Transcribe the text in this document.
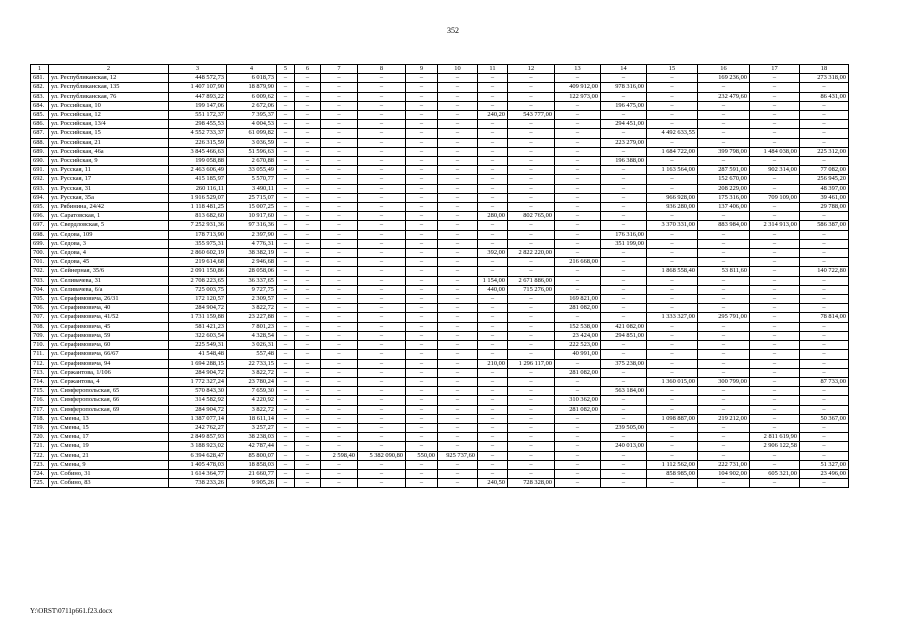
352
1	2	3	4	5	6	7	8	9	10	11	12	13	14	15	16	17	18
681.	ул. Республиканская, 12	448 572,73	6 018,73	–	–	–	–	–	–	–	–	–	–	–	169 236,00	–	273 318,00
682.	ул. Республиканская, 135	1 407 107,90	18 879,90	–	–	–	–	–	–	–	–	409 912,00	978 316,00	–	–	–	–
683.	ул. Республиканская, 76	447 893,22	6 009,62	–	–	–	–	–	–	–	–	122 973,00	–	–	232 479,60	–	86 431,00
684.	ул. Российская, 10	199 147,06	2 672,06	–	–	–	–	–	–	–	–	–	196 475,00	–	–	–	–
685.	ул. Российская, 12	551 172,37	7 395,37	–	–	–	–	–	–	240,20	543 777,00	–	–	–	–	–	–
686.	ул. Российская, 13/4	298 455,53	4 004,53	–	–	–	–	–	–	–	–	–	294 451,00	–	–	–	–
687.	ул. Российская, 15	4 552 733,37	61 099,82	–	–	–	–	–	–	–	–	–	–	4 492 633,55	–	–	–
688.	ул. Российская, 21	226 315,59	3 036,59	–	–	–	–	–	–	–	–	–	223 279,00	–	–	–	–
689.	ул. Российская, 46а	3 845 466,63	51 596,63	–	–	–	–	–	–	–	–	–	–	1 684 722,00	399 798,00	1 484 038,00	225 312,00
690.	ул. Российская, 9	199 058,88	2 670,88	–	–	–	–	–	–	–	–	–	196 388,00	–	–	–	–
691.	ул. Русская, 11	2 463 606,49	33 055,49	–	–	–	–	–	–	–	–	–	–	1 163 564,00	287 591,00	902 314,00	77 082,00
692.	ул. Русская, 17	415 185,97	5 570,77	–	–	–	–	–	–	–	–	–	–	–	152 670,00	–	256 945,20
693.	ул. Русская, 31	260 116,11	3 490,11	–	–	–	–	–	–	–	–	–	–	–	208 229,00	–	48 397,00
694.	ул. Русская, 35а	1 916 529,07	25 715,07	–	–	–	–	–	–	–	–	–	–	966 928,00	175 316,00	709 109,00	39 461,00
695.	ул. Рябинина, 24/42	1 118 481,25	15 007,25	–	–	–	–	–	–	–	–	–	–	936 280,00	137 406,00	–	29 788,00
696.	ул. Саратовская, 1	813 682,60	10 917,60	–	–	–	–	–	–	280,00	802 765,00	–	–	–	–	–	–
697.	ул. Свердловская, 5	7 252 931,36	97 316,36	–	–	–	–	–	–	–	–	–	–	3 370 331,00	883 984,00	2 314 913,00	586 387,00
698.	ул. Седова, 109	178 713,90	2 397,90	–	–	–	–	–	–	–	–	–	176 316,00	–	–	–	–
699.	ул. Седова, 3	355 975,31	4 776,31	–	–	–	–	–	–	–	–	–	351 199,00	–	–	–	–
700.	ул. Седова, 4	2 860 602,19	38 382,19	–	–	–	–	–	–	392,00	2 822 220,00	–	–	–	–	–	–
701.	ул. Седова, 45	219 614,68	2 946,68	–	–	–	–	–	–	–	–	216 668,00	–	–	–	–	–
702.	ул. Сейнерная, 35/6	2 091 150,86	28 058,06	–	–	–	–	–	–	–	–	–	–	1 868 558,40	53 811,60	–	140 722,80
703.	ул. Селивачева, 31	2 708 223,65	36 337,65	–	–	–	–	–	–	1 154,00	2 671 886,00	–	–	–	–	–	–
704.	ул. Селивачева, 6/а	725 003,75	9 727,75	–	–	–	–	–	–	440,00	715 276,00	–	–	–	–	–	–
705.	ул. Серафимовича, 26/31	172 120,57	2 309,57	–	–	–	–	–	–	–	–	169 821,00	–	–	–	–	–
706.	ул. Серафимовича, 40	284 904,72	3 822,72	–	–	–	–	–	–	–	–	281 082,00	–	–	–	–	–
707.	ул. Серафимовича, 41/52	1 731 159,88	23 227,88	–	–	–	–	–	–	–	–	–	–	1 333 327,00	295 791,00	–	78 814,00
708.	ул. Серафимовича, 45	581 421,23	7 801,23	–	–	–	–	–	–	–	–	152 538,00	421 082,00	–	–	–	–
709.	ул. Серафимовича, 59	322 603,54	4 328,54	–	–	–	–	–	–	–	–	23 424,00	294 851,00	–	–	–	–
710.	ул. Серафимовича, 60	225 549,31	3 026,31	–	–	–	–	–	–	–	–	222 523,00	–	–	–	–	–
711.	ул. Серафимовича, 66/67	41 548,48	557,48	–	–	–	–	–	–	–	–	40 991,00	–	–	–	–	–
712.	ул. Серафимовича, 94	1 694 288,15	22 733,15	–	–	–	–	–	–	210,00	1 296 117,00	–	375 238,00	–	–	–	–
713.	ул. Сержантова, 1/106	284 904,72	3 822,72	–	–	–	–	–	–	–	–	281 082,00	–	–	–	–	–
714.	ул. Сержантова, 4	1 772 327,24	23 780,24	–	–	–	–	–	–	–	–	–	–	1 360 015,00	300 799,00	–	87 733,00
715.	ул. Симферопольская, 65	570 843,30	7 659,30	–	–	–	–	–	–	–	–	–	563 184,00	–	–	–	–
716.	ул. Симферопольская, 66	314 582,92	4 220,92	–	–	–	–	–	–	–	–	310 362,00	–	–	–	–	–
717.	ул. Симферопольская, 69	284 904,72	3 822,72	–	–	–	–	–	–	–	–	281 082,00	–	–	–	–	–
718.	ул. Смены, 13	1 387 077,14	18 611,14	–	–	–	–	–	–	–	–	–	–	1 098 887,00	219 212,00	–	50 367,00
719.	ул. Смены, 15	242 762,27	3 257,27	–	–	–	–	–	–	–	–	–	239 505,00	–	–	–	–
720.	ул. Смены, 17	2 849 857,93	38 238,03	–	–	–	–	–	–	–	–	–	–	–	–	2 811 619,90	–
721.	ул. Смены, 19	3 188 923,02	42 787,44	–	–	–	–	–	–	–	–	–	240 013,00	–	–	2 906 122,58	–
722.	ул. Смены, 21	6 394 628,47	85 800,07	–	–	2 598,40	5 382 090,80	550,00	925 737,60	–	–	–	–	–	–	–	–
723.	ул. Смены, 9	1 405 478,03	18 858,03	–	–	–	–	–	–	–	–	–	–	1 112 562,00	222 731,00	–	51 327,00
724.	ул. Собино, 31	1 614 364,77	21 660,77	–	–	–	–	–	–	–	–	–	–	858 985,00	104 902,00	605 321,00	23 496,00
725.	ул. Собино, 83	738 233,26	9 905,26	–	–	–	–	–	–	240,50	728 328,00	–	–	–	–	–	–
Y:\ORST\0711p661.f23.docx
